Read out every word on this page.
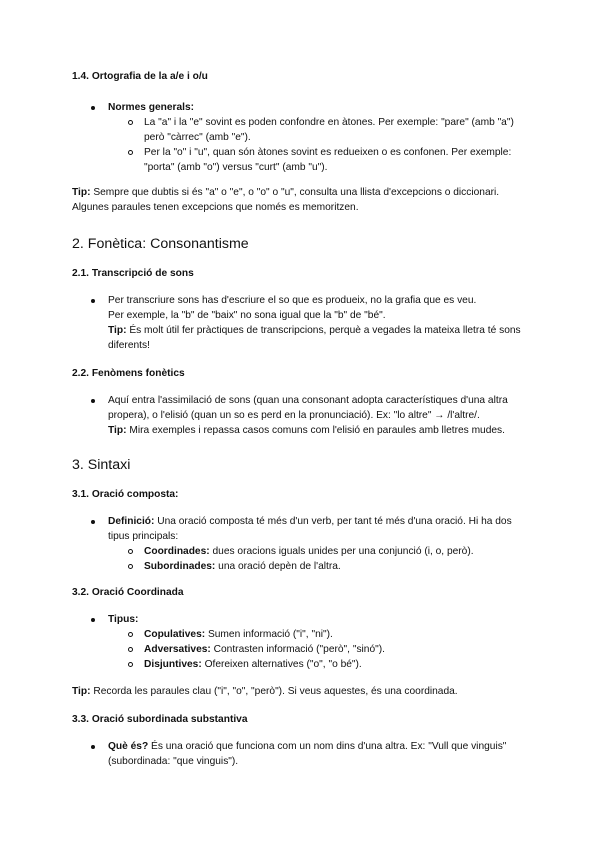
1.4. Ortografia de la a/e i o/u
Normes generals:
La "a" i la "e" sovint es poden confondre en àtones. Per exemple: "pare" (amb "a") però "càrrec" (amb "e").
Per la "o" i "u", quan són àtones sovint es redueixen o es confonen. Per exemple: "porta" (amb "o") versus "curt" (amb "u").

Tip: Sempre que dubtis si és "a" o "e", o "o" o "u", consulta una llista d'excepcions o diccionari. Algunes paraules tenen excepcions que només es memoritzen.

2. Fonètica: Consonantisme
2.1. Transcripció de sons
Per transcriure sons has d'escriure el so que es produeix, no la grafia que es veu.
Per exemple, la "b" de "baix" no sona igual que la "b" de "bé".
Tip: És molt útil fer pràctiques de transcripcions, perquè a vegades la mateixa lletra té sons diferents!
2.2. Fenòmens fonètics
Aquí entra l'assimilació de sons (quan una consonant adopta característiques d'una altra propera), o l'elisió (quan un so es perd en la pronunciació). Ex: "lo altre" → /l'altre/.
Tip: Mira exemples i repassa casos comuns com l'elisió en paraules amb lletres mudes.
3. Sintaxi
3.1. Oració composta:
Definició: Una oració composta té més d'un verb, per tant té més d'una oració. Hi ha dos tipus principals:
Coordinades: dues oracions iguals unides per una conjunció (i, o, però).
Subordinades: una oració depèn de l'altra.
3.2. Oració Coordinada
Tipus:
Copulatives: Sumen informació ("i", "ni").
Adversatives: Contrasten informació ("però", "sinó").
Disjuntives: Ofereixen alternatives ("o", "o bé").

Tip: Recorda les paraules clau ("i", "o", "però"). Si veus aquestes, és una coordinada.

3.3. Oració subordinada substantiva
Què és? És una oració que funciona com un nom dins d'una altra. Ex: "Vull que vinguis" (subordinada: "que vinguis").
